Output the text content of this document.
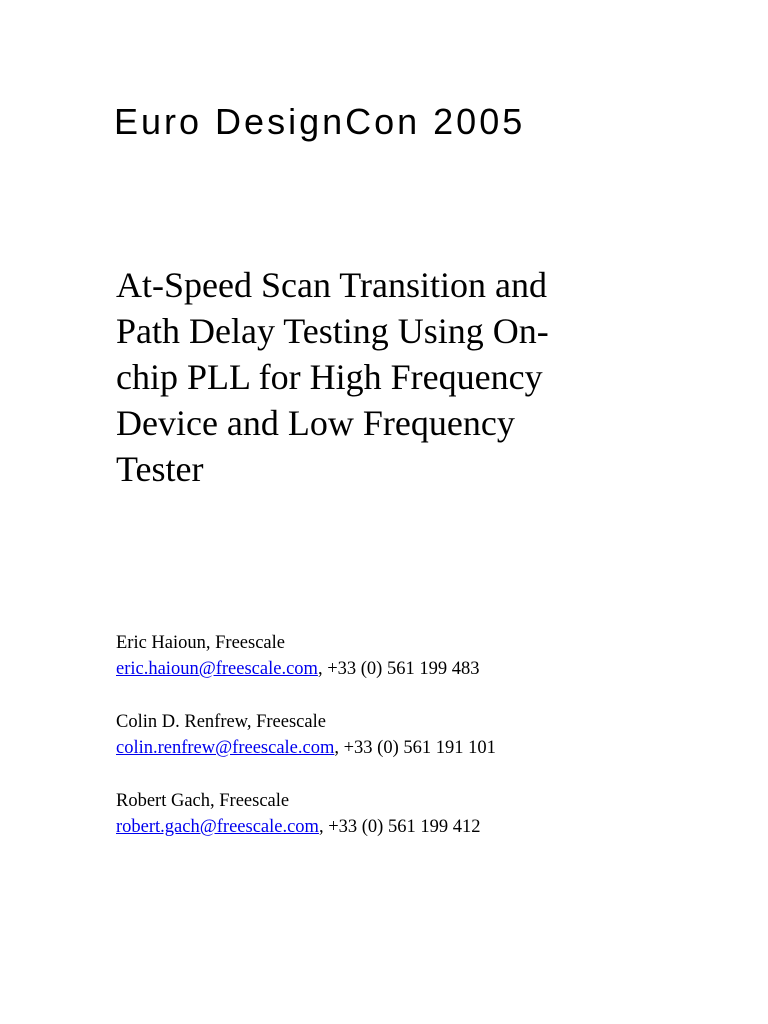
Euro DesignCon 2005
At-Speed Scan Transition and
Path Delay Testing Using On-
chip PLL for High Frequency
Device and Low Frequency
Tester
Eric Haioun, Freescale
eric.haioun@freescale.com, +33 (0) 561 199 483
Colin D. Renfrew, Freescale
colin.renfrew@freescale.com, +33 (0) 561 191 101
Robert Gach, Freescale
robert.gach@freescale.com, +33 (0) 561 199 412
